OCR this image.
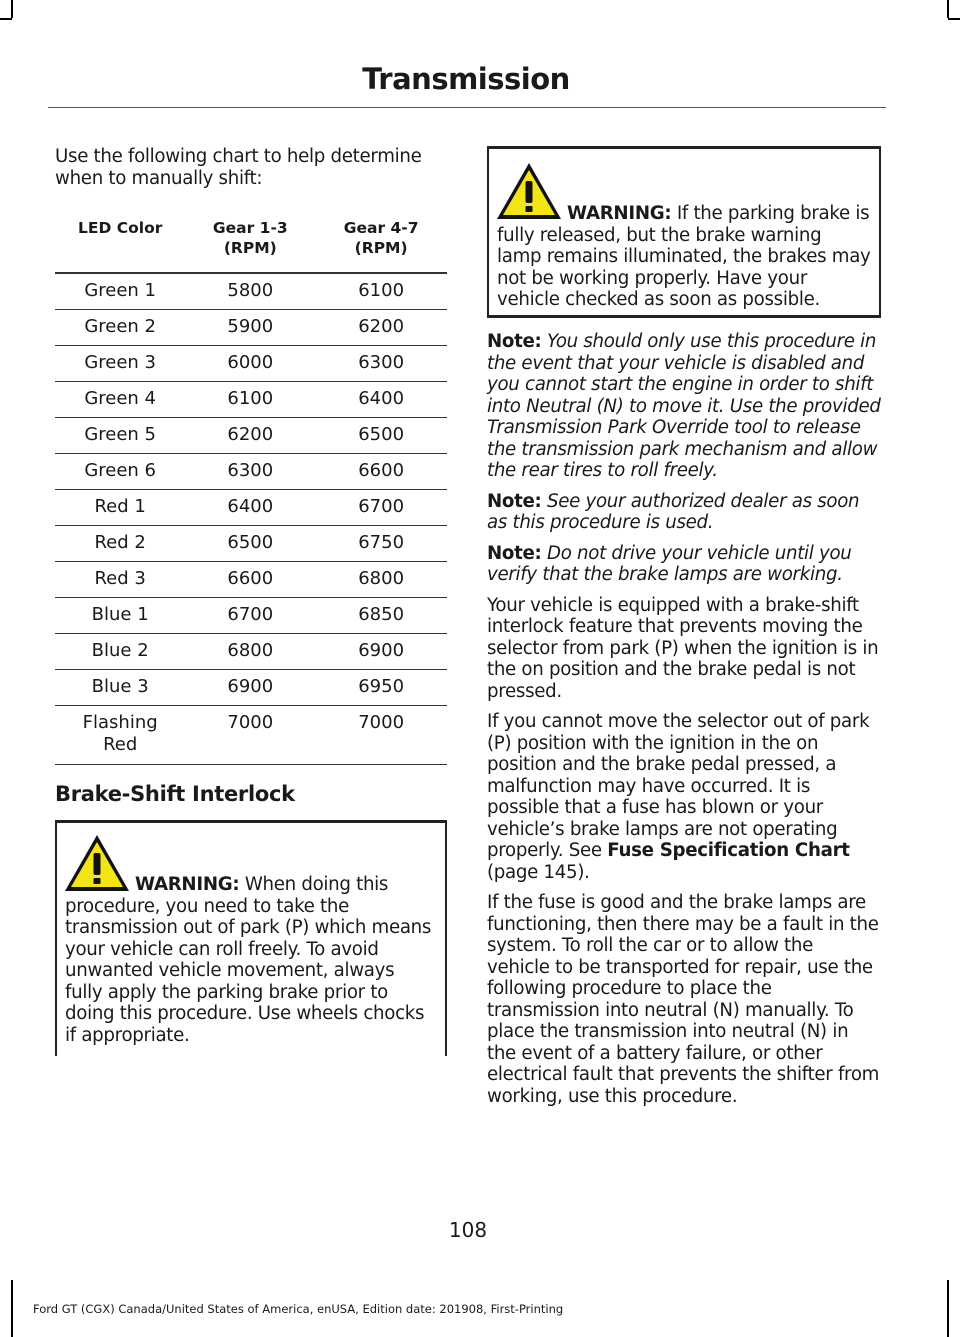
Transmission

Use the following chart to help determine when to manually shift:

LED Color	Gear 1-3 (RPM)	Gear 4-7 (RPM)
Green 1	5800	6100
Green 2	5900	6200
Green 3	6000	6300
Green 4	6100	6400
Green 5	6200	6500
Green 6	6300	6600
Red 1	6400	6700
Red 2	6500	6750
Red 3	6600	6800
Blue 1	6700	6850
Blue 2	6800	6900
Blue 3	6900	6950
Flashing Red	7000	7000
Brake-Shift Interlock

WARNING: When doing this procedure, you need to take the transmission out of park (P) which means your vehicle can roll freely. To avoid unwanted vehicle movement, always fully apply the parking brake prior to doing this procedure. Use wheels chocks if appropriate.

WARNING: If the parking brake is fully released, but the brake warning lamp remains illuminated, the brakes may not be working properly. Have your vehicle checked as soon as possible.

Note: You should only use this procedure in the event that your vehicle is disabled and you cannot start the engine in order to shift into Neutral (N) to move it. Use the provided Transmission Park Override tool to release the transmission park mechanism and allow the rear tires to roll freely.

Note: See your authorized dealer as soon as this procedure is used.

Note: Do not drive your vehicle until you verify that the brake lamps are working.

Your vehicle is equipped with a brake-shift interlock feature that prevents moving the selector from park (P) when the ignition is in the on position and the brake pedal is not pressed.

If you cannot move the selector out of park (P) position with the ignition in the on position and the brake pedal pressed, a malfunction may have occurred. It is possible that a fuse has blown or your vehicle’s brake lamps are not operating properly. See Fuse Specification Chart (page 145).

If the fuse is good and the brake lamps are functioning, then there may be a fault in the system. To roll the car or to allow the vehicle to be transported for repair, use the following procedure to place the transmission into neutral (N) manually. To place the transmission into neutral (N) in the event of a battery failure, or other electrical fault that prevents the shifter from working, use this procedure.

108
Ford GT (CGX) Canada/United States of America, enUSA, Edition date: 201908, First-Printing
